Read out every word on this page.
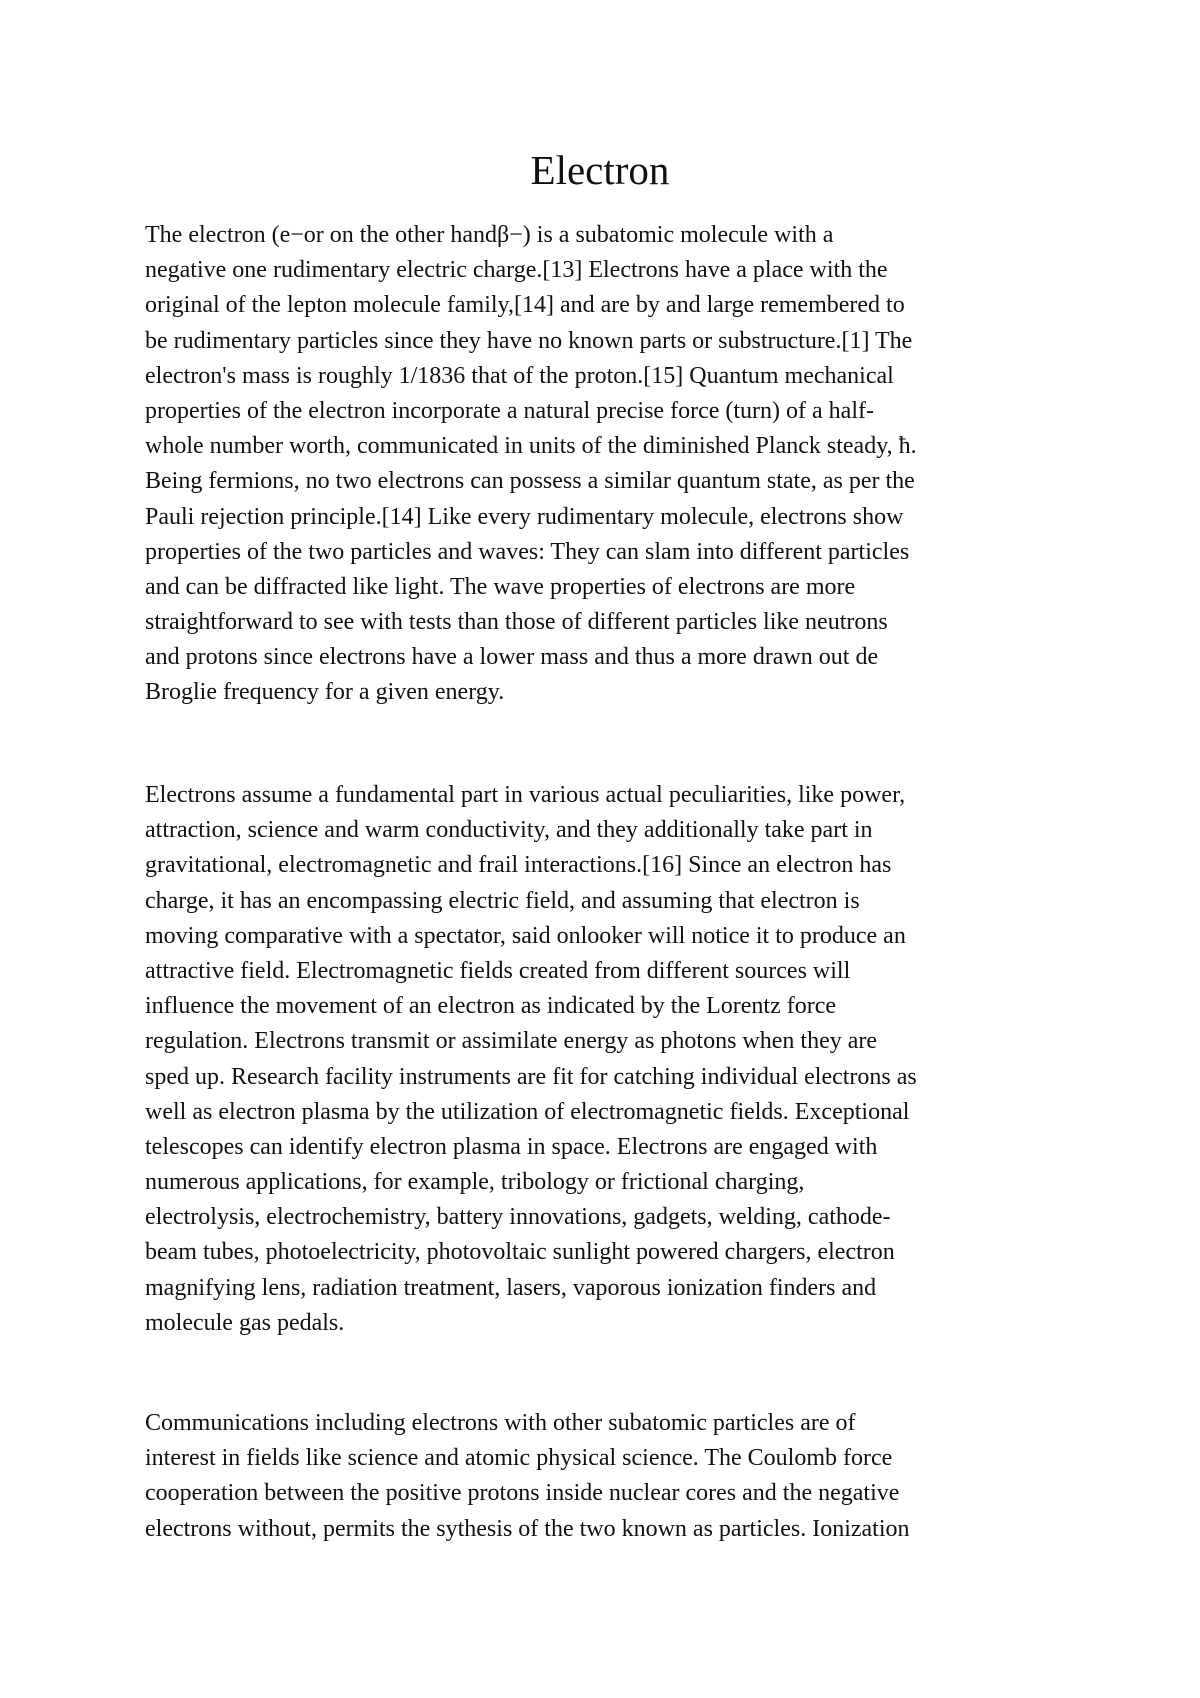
Electron
The electron (e−or on the other handβ−) is a subatomic molecule with a
negative one rudimentary electric charge.[13] Electrons have a place with the
original of the lepton molecule family,[14] and are by and large remembered to
be rudimentary particles since they have no known parts or substructure.[1] The
electron's mass is roughly 1/1836 that of the proton.[15] Quantum mechanical
properties of the electron incorporate a natural precise force (turn) of a half-
whole number worth, communicated in units of the diminished Planck steady, ħ.
Being fermions, no two electrons can possess a similar quantum state, as per the
Pauli rejection principle.[14] Like every rudimentary molecule, electrons show
properties of the two particles and waves: They can slam into different particles
and can be diffracted like light. The wave properties of electrons are more
straightforward to see with tests than those of different particles like neutrons
and protons since electrons have a lower mass and thus a more drawn out de
Broglie frequency for a given energy.
Electrons assume a fundamental part in various actual peculiarities, like power,
attraction, science and warm conductivity, and they additionally take part in
gravitational, electromagnetic and frail interactions.[16] Since an electron has
charge, it has an encompassing electric field, and assuming that electron is
moving comparative with a spectator, said onlooker will notice it to produce an
attractive field. Electromagnetic fields created from different sources will
influence the movement of an electron as indicated by the Lorentz force
regulation. Electrons transmit or assimilate energy as photons when they are
sped up. Research facility instruments are fit for catching individual electrons as
well as electron plasma by the utilization of electromagnetic fields. Exceptional
telescopes can identify electron plasma in space. Electrons are engaged with
numerous applications, for example, tribology or frictional charging,
electrolysis, electrochemistry, battery innovations, gadgets, welding, cathode-
beam tubes, photoelectricity, photovoltaic sunlight powered chargers, electron
magnifying lens, radiation treatment, lasers, vaporous ionization finders and
molecule gas pedals.
Communications including electrons with other subatomic particles are of
interest in fields like science and atomic physical science. The Coulomb force
cooperation between the positive protons inside nuclear cores and the negative
electrons without, permits the sythesis of the two known as particles. Ionization
